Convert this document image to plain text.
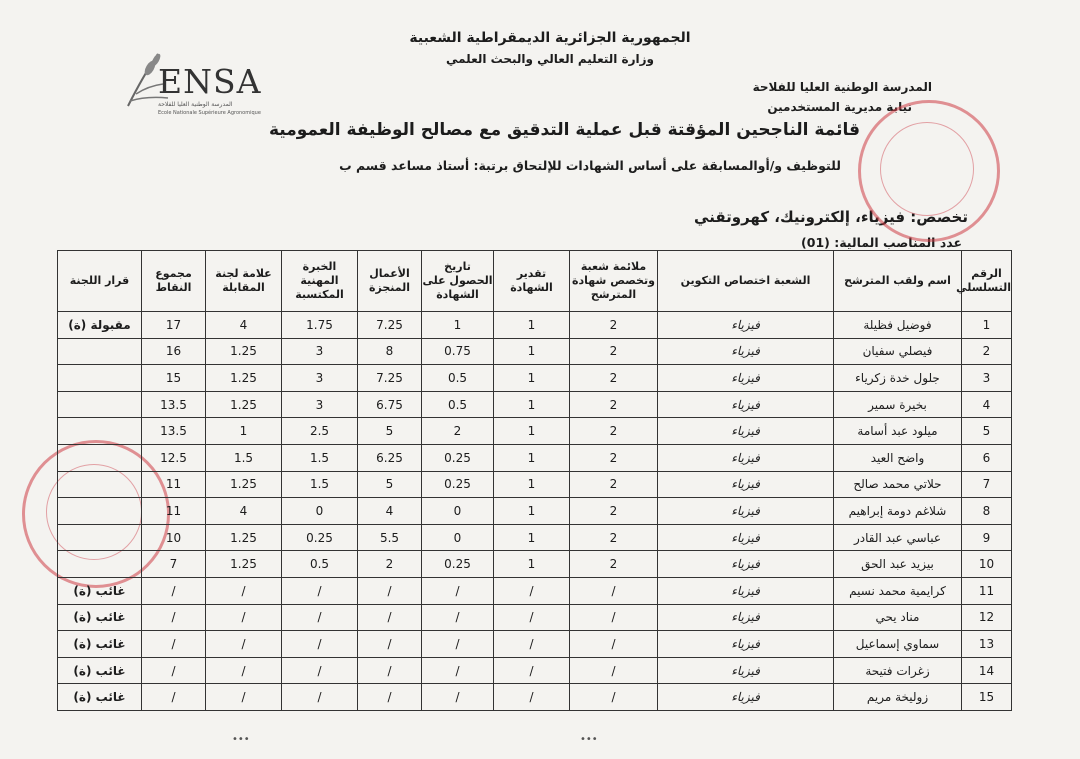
ENSA
المدرسة الوطنية العليا للفلاحة
Ecole Nationale Supérieure Agronomique
الجمهورية الجزائرية الديمقراطية الشعبية
وزارة التعليم العالي والبحث العلمي
المدرسة الوطنية العليا للفلاحة
نيابة مديرية المستخدمين
قائمة الناجحين المؤقتة قبل عملية التدقيق مع مصالح الوظيفة العمومية
للتوظيف و/أوالمسابقة على أساس الشهادات للإلتحاق برتبة: أستاذ مساعد قسم ب
تخصص: فيزياء، إلكترونيك، كهروتقني
عدد المناصب المالية: (01)
الرقم التسلسلي	اسم ولقب المترشح	الشعبة اختصاص التكوين	ملائمة شعبة وتخصص شهادة المترشح	تقدير الشهادة	تاريخ الحصول على الشهادة	الأعمال المنجزة	الخبرة المهنية المكتسبة	علامة لجنة المقابلة	مجموع النقاط	قرار اللجنة
1	فوضيل فظيلة	فيزياء	2	1	1	7.25	1.75	4	17	مقبولة (ة)
2	فيصلي سفيان	فيزياء	2	1	0.75	8	3	1.25	16	
3	جلول خدة زكرياء	فيزياء	2	1	0.5	7.25	3	1.25	15	
4	بخيرة سمير	فيزياء	2	1	0.5	6.75	3	1.25	13.5	
5	ميلود عبد أسامة	فيزياء	2	1	2	5	2.5	1	13.5	
6	واضح العيد	فيزياء	2	1	0.25	6.25	1.5	1.5	12.5	
7	حلاتي محمد صالح	فيزياء	2	1	0.25	5	1.5	1.25	11	
8	شلاغم دومة إبراهيم	فيزياء	2	1	0	4	0	4	11	
9	عباسي عبد القادر	فيزياء	2	1	0	5.5	0.25	1.25	10	
10	بيزيد عبد الحق	فيزياء	2	1	0.25	2	0.5	1.25	7	
11	كرايمية محمد نسيم	فيزياء	/	/	/	/	/	/	/	غائب (ة)
12	مناد يحي	فيزياء	/	/	/	/	/	/	/	غائب (ة)
13	سماوي إسماعيل	فيزياء	/	/	/	/	/	/	/	غائب (ة)
14	زغرات فتيحة	فيزياء	/	/	/	/	/	/	/	غائب (ة)
15	زوليخة مريم	فيزياء	/	/	/	/	/	/	/	غائب (ة)
•••	•••
